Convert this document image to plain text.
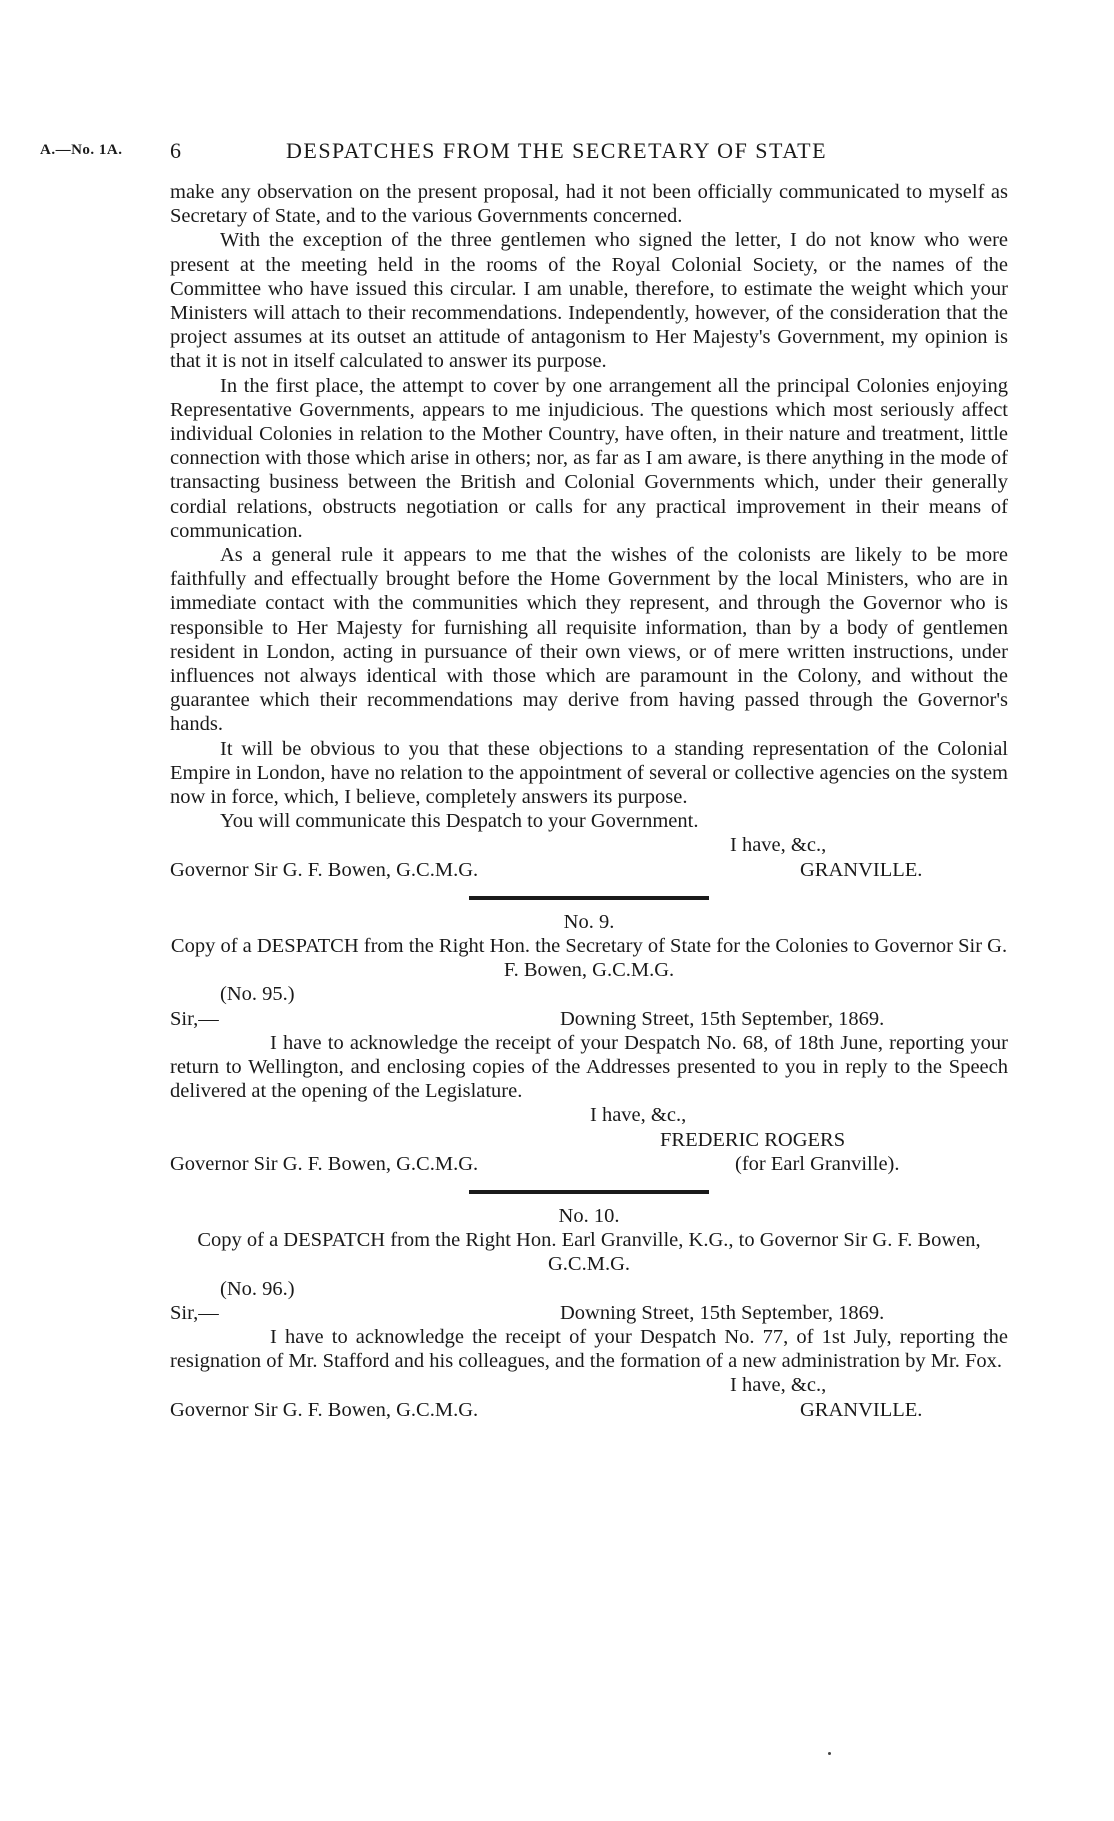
A.—No. 1A. 6	DESPATCHES FROM THE SECRETARY OF STATE

make any observation on the present proposal, had it not been officially communicated to myself as Secretary of State, and to the various Governments concerned.

With the exception of the three gentlemen who signed the letter, I do not know who were present at the meeting held in the rooms of the Royal Colonial Society, or the names of the Committee who have issued this circular. I am unable, therefore, to estimate the weight which your Ministers will attach to their recommendations. Independently, however, of the consideration that the project assumes at its outset an attitude of antagonism to Her Majesty's Government, my opinion is that it is not in itself calculated to answer its purpose.

In the first place, the attempt to cover by one arrangement all the principal Colonies enjoying Representative Governments, appears to me injudicious. The questions which most seriously affect individual Colonies in relation to the Mother Country, have often, in their nature and treatment, little connection with those which arise in others; nor, as far as I am aware, is there anything in the mode of transacting business between the British and Colonial Governments which, under their generally cordial relations, obstructs negotiation or calls for any practical improvement in their means of communication.

As a general rule it appears to me that the wishes of the colonists are likely to be more faithfully and effectually brought before the Home Government by the local Ministers, who are in immediate contact with the communities which they represent, and through the Governor who is responsible to Her Majesty for furnishing all requisite information, than by a body of gentlemen resident in London, acting in pursuance of their own views, or of mere written instructions, under influences not always identical with those which are paramount in the Colony, and without the guarantee which their recommendations may derive from having passed through the Governor's hands.

It will be obvious to you that these objections to a standing representation of the Colonial Empire in London, have no relation to the appointment of several or collective agencies on the system now in force, which, I believe, completely answers its purpose.

You will communicate this Despatch to your Government.

I have, &c.,
Governor Sir G. F. Bowen, G.C.M.G.	GRANVILLE.

No. 9.

Copy of a DESPATCH from the Right Hon. the Secretary of State for the Colonies to Governor Sir G. F. Bowen, G.C.M.G.

(No. 95.)

Sir,—	Downing Street, 15th September, 1869.

I have to acknowledge the receipt of your Despatch No. 68, of 18th June, reporting your return to Wellington, and enclosing copies of the Addresses presented to you in reply to the Speech delivered at the opening of the Legislature.

I have, &c.,
FREDERIC ROGERS
Governor Sir G. F. Bowen, G.C.M.G.	(for Earl Granville).

No. 10.

Copy of a DESPATCH from the Right Hon. Earl Granville, K.G., to Governor Sir G. F. Bowen, G.C.M.G.

(No. 96.)

Sir,—	Downing Street, 15th September, 1869.

I have to acknowledge the receipt of your Despatch No. 77, of 1st July, reporting the resignation of Mr. Stafford and his colleagues, and the formation of a new administration by Mr. Fox.

I have, &c.,
Governor Sir G. F. Bowen, G.C.M.G.	GRANVILLE.
